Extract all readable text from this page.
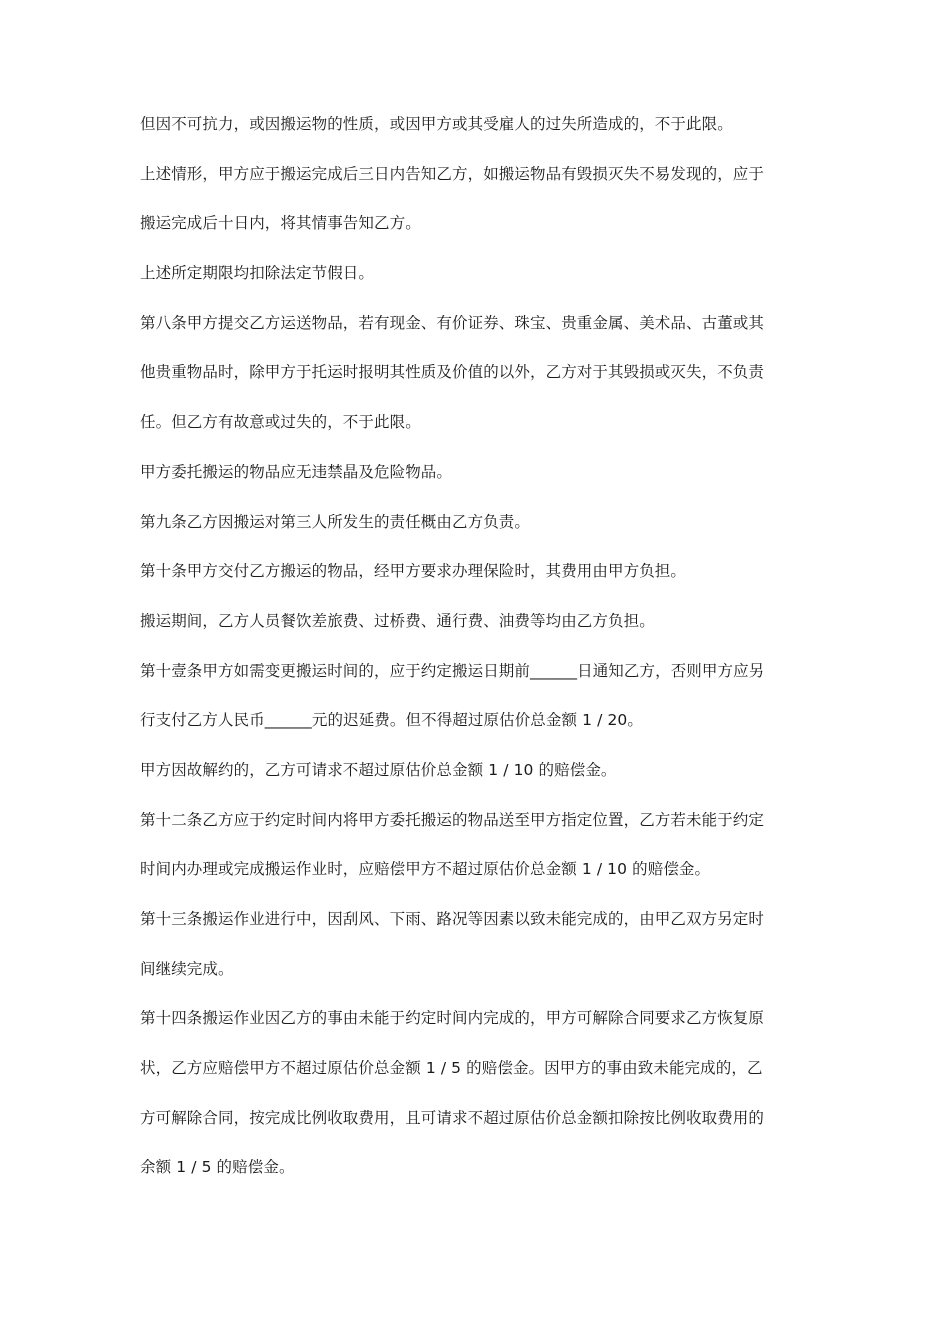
但因不可抗力，或因搬运物的性质，或因甲方或其受雇人的过失所造成的，不于此限。
上述情形，甲方应于搬运完成后三日内告知乙方，如搬运物品有毁损灭失不易发现的，应于
搬运完成后十日内，将其情事告知乙方。
上述所定期限均扣除法定节假日。
第八条甲方提交乙方运送物品，若有现金、有价证券、珠宝、贵重金属、美术品、古董或其
他贵重物品时，除甲方于托运时报明其性质及价值的以外，乙方对于其毁损或灭失，不负责
任。但乙方有故意或过失的，不于此限。
甲方委托搬运的物品应无违禁晶及危险物品。
第九条乙方因搬运对第三人所发生的责任概由乙方负责。
第十条甲方交付乙方搬运的物品，经甲方要求办理保险时，其费用由甲方负担。
搬运期间，乙方人员餐饮差旅费、过桥费、通行费、油费等均由乙方负担。
第十壹条甲方如需变更搬运时间的，应于约定搬运日期前______日通知乙方，否则甲方应另
行支付乙方人民币______元的迟延费。但不得超过原估价总金额 1 / 20。
甲方因故解约的，乙方可请求不超过原估价总金额 1 / 10 的赔偿金。
第十二条乙方应于约定时间内将甲方委托搬运的物品送至甲方指定位置，乙方若未能于约定
时间内办理或完成搬运作业时，应赔偿甲方不超过原估价总金额 1 / 10 的赔偿金。
第十三条搬运作业进行中，因刮风、下雨、路况等因素以致未能完成的，由甲乙双方另定时
间继续完成。
第十四条搬运作业因乙方的事由未能于约定时间内完成的，甲方可解除合同要求乙方恢复原
状，乙方应赔偿甲方不超过原估价总金额 1 / 5 的赔偿金。因甲方的事由致未能完成的，乙
方可解除合同，按完成比例收取费用，且可请求不超过原估价总金额扣除按比例收取费用的
余额 1 / 5 的赔偿金。
